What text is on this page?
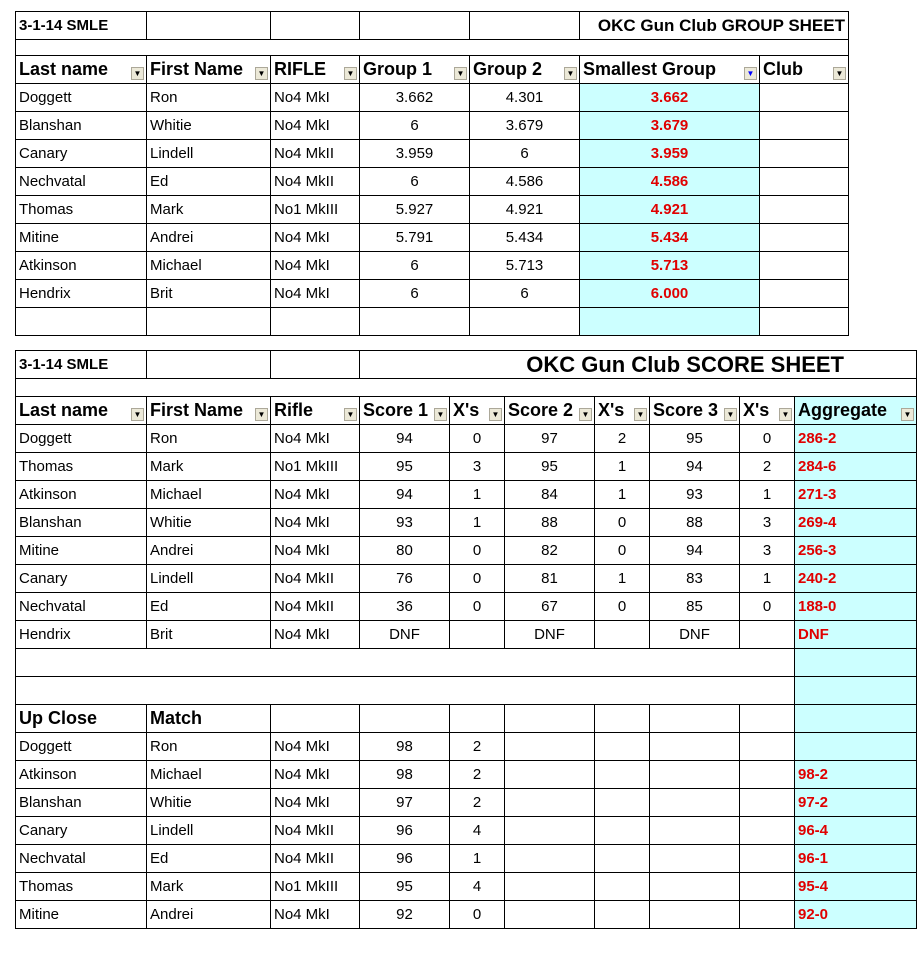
3-1-14 SMLE					OKC Gun Club GROUP SHEET	

Last name ▼	First Name ▼	RIFLE ▼	Group 1 ▼	Group 2 ▼	Smallest Group ▼	Club ▼

Doggett	Ron	No4 MkI	3.662	4.301	3.662	
Blanshan	Whitie	No4 MkI	6	3.679	3.679	
Canary	Lindell	No4 MkII	3.959	6	3.959	
Nechvatal	Ed	No4 MkII	6	4.586	4.586	
Thomas	Mark	No1 MkIII	5.927	4.921	4.921	
Mitine	Andrei	No4 MkI	5.791	5.434	5.434	
Atkinson	Michael	No4 MkI	6	5.713	5.713	
Hendrix	Brit	No4 MkI	6	6	6.000	

3-1-14 SMLE			OKC Gun Club SCORE SHEET						

Last name ▼	First Name ▼	Rifle ▼	Score 1 ▼	X's ▼	Score 2 ▼	X's ▼	Score 3 ▼	X's ▼	Aggregate ▼

Doggett	Ron	No4 MkI	94	0	97	2	95	0	286-2
Thomas	Mark	No1 MkIII	95	3	95	1	94	2	284-6
Atkinson	Michael	No4 MkI	94	1	84	1	93	1	271-3
Blanshan	Whitie	No4 MkI	93	1	88	0	88	3	269-4
Mitine	Andrei	No4 MkI	80	0	82	0	94	3	256-3
Canary	Lindell	No4 MkII	76	0	81	1	83	1	240-2
Nechvatal	Ed	No4 MkII	36	0	67	0	85	0	188-0
Hendrix	Brit	No4 MkI	DNF		DNF		DNF		DNF

Up Close	Match								
Doggett	Ron	No4 MkI	98	2					
Atkinson	Michael	No4 MkI	98	2					98-2
Blanshan	Whitie	No4 MkI	97	2					97-2
Canary	Lindell	No4 MkII	96	4					96-4
Nechvatal	Ed	No4 MkII	96	1					96-1
Thomas	Mark	No1 MkIII	95	4					95-4
Mitine	Andrei	No4 MkI	92	0					92-0
